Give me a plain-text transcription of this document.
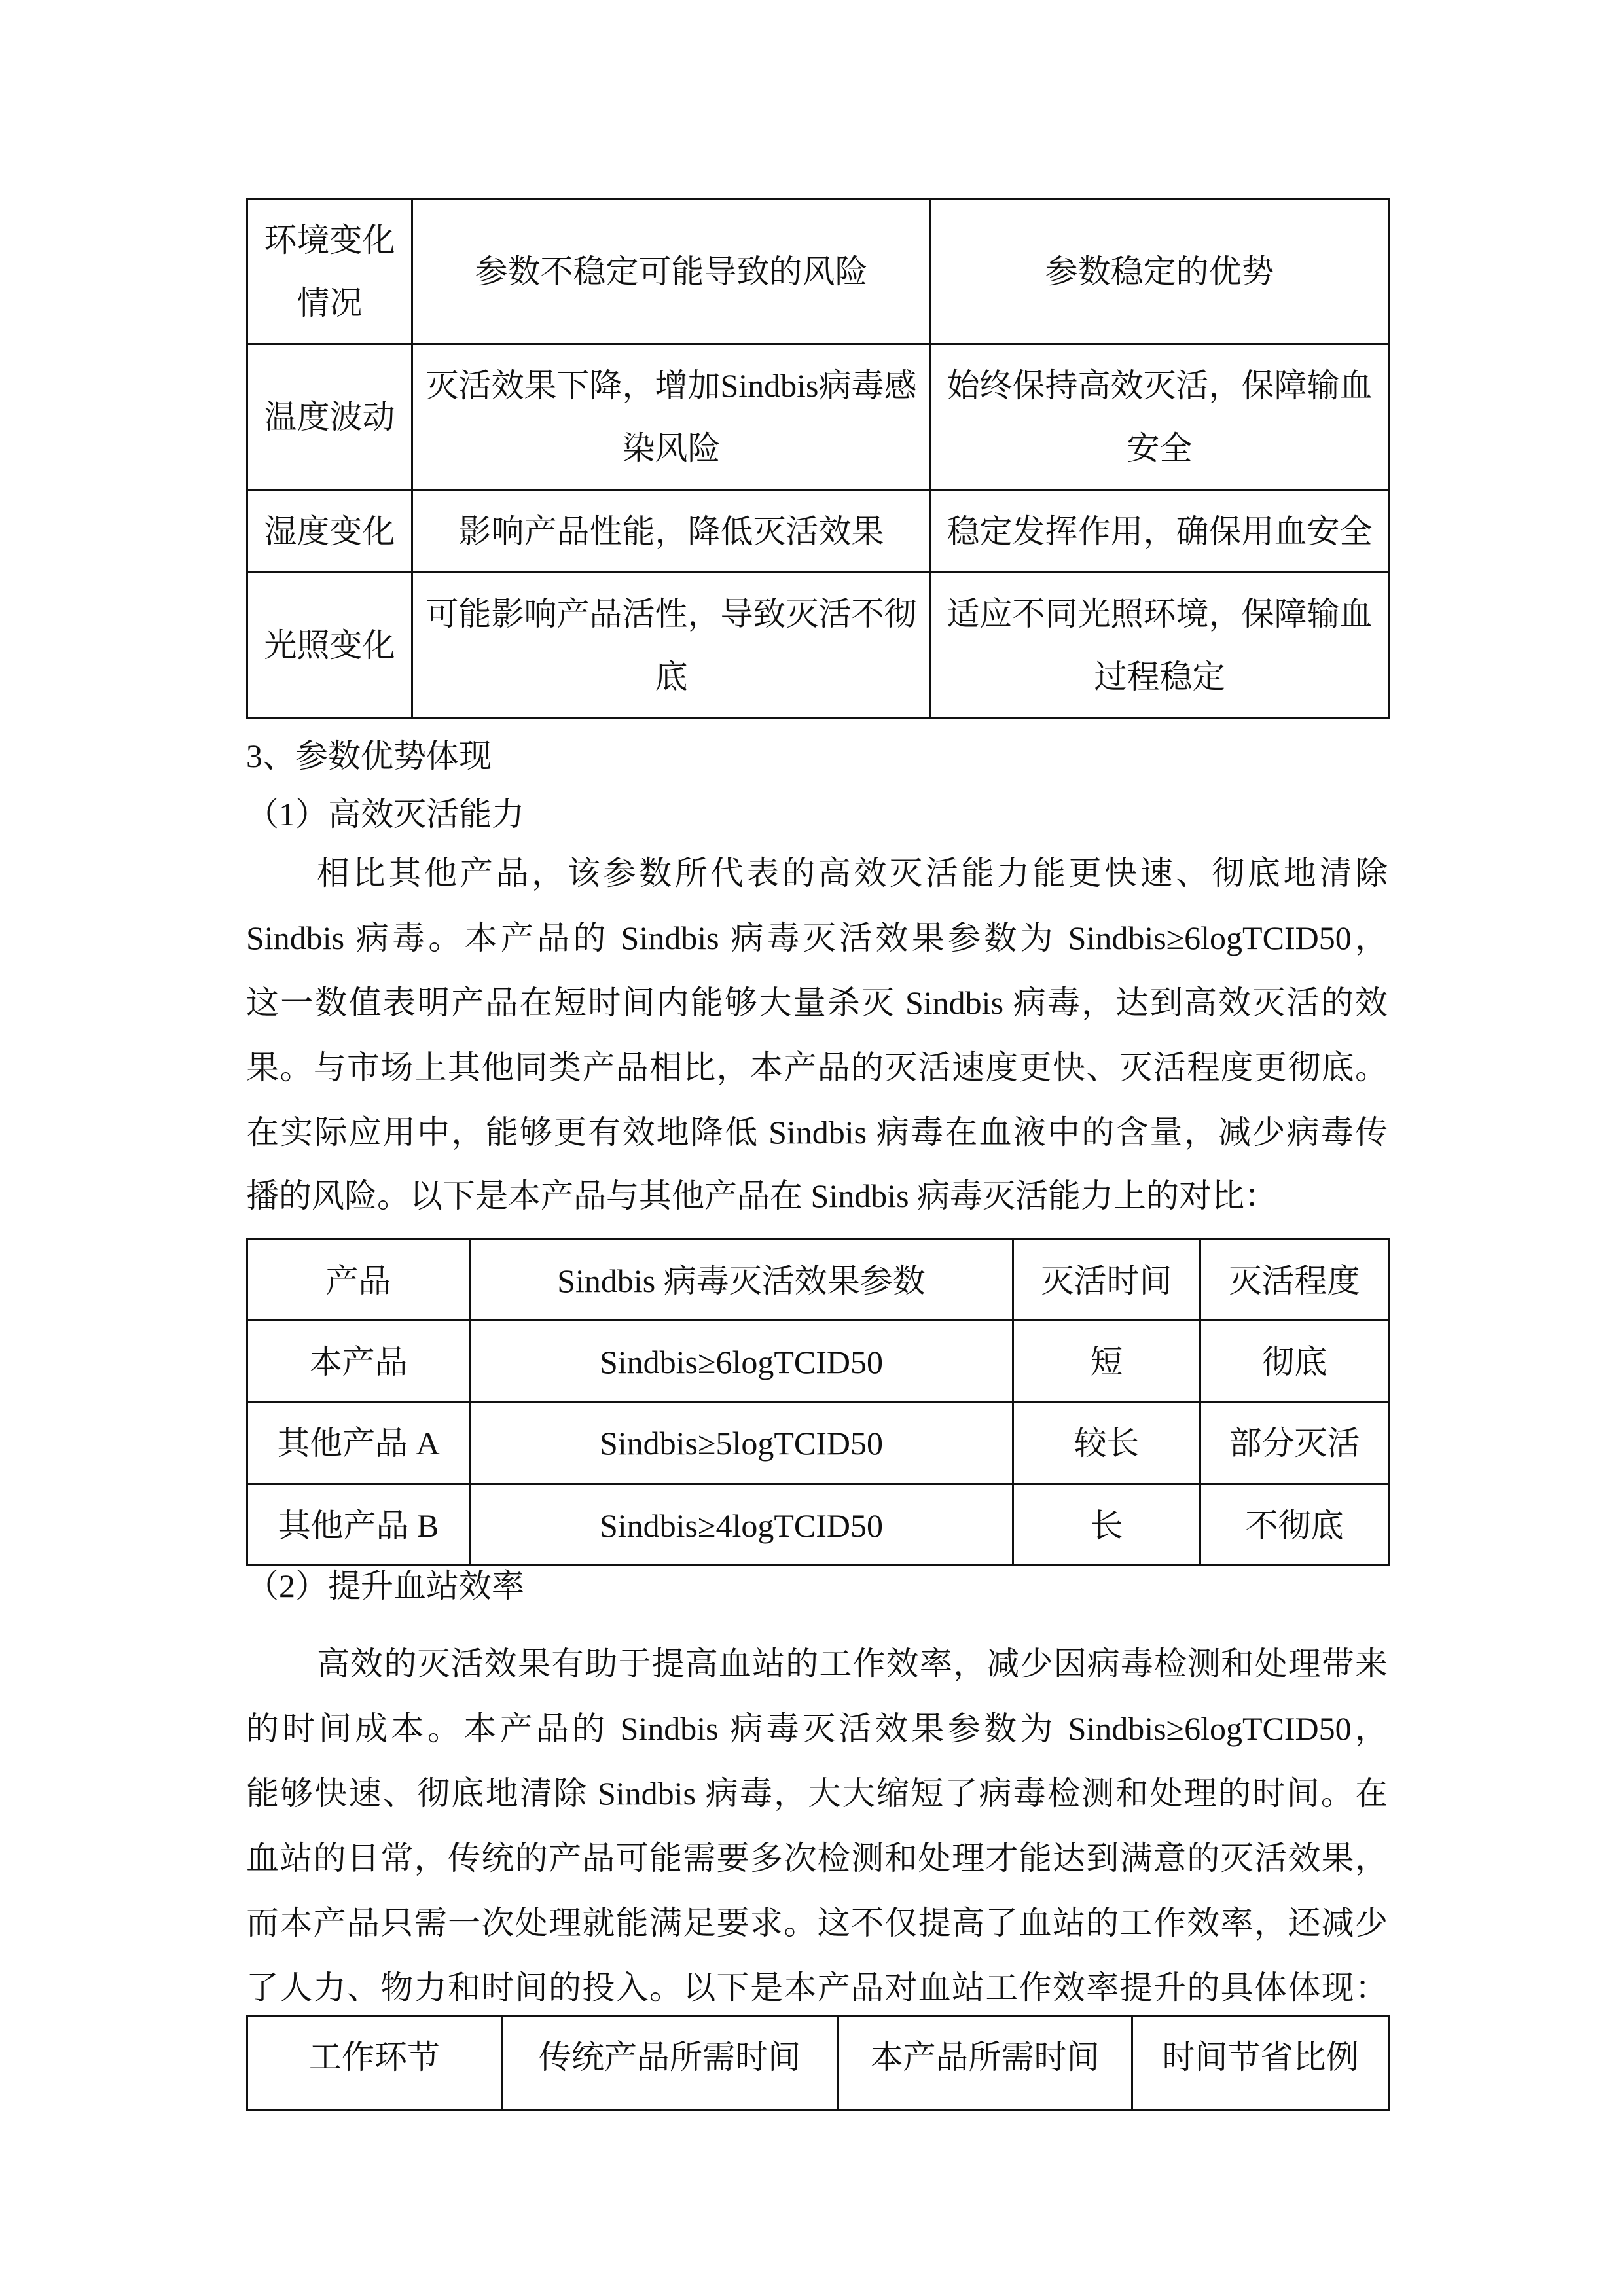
环境变化情况	参数不稳定可能导致的风险	参数稳定的优势
温度波动	灭活效果下降，增加Sindbis病毒感染风险	始终保持高效灭活，保障输血安全
湿度变化	影响产品性能，降低灭活效果	稳定发挥作用，确保用血安全
光照变化	可能影响产品活性，导致灭活不彻底	适应不同光照环境，保障输血过程稳定
3、参数优势体现
（1）高效灭活能力
相比其他产品，该参数所代表的高效灭活能力能更快速、彻底地清除
Sindbis 病毒。本产品的 Sindbis 病毒灭活效果参数为 Sindbis≥6logTCID50，
这一数值表明产品在短时间内能够大量杀灭 Sindbis 病毒，达到高效灭活的效
果。与市场上其他同类产品相比，本产品的灭活速度更快、灭活程度更彻底。
在实际应用中，能够更有效地降低 Sindbis 病毒在血液中的含量，减少病毒传
播的风险。以下是本产品与其他产品在 Sindbis 病毒灭活能力上的对比：
产品	Sindbis 病毒灭活效果参数	灭活时间	灭活程度
本产品	Sindbis≥6logTCID50	短	彻底
其他产品 A	Sindbis≥5logTCID50	较长	部分灭活
其他产品 B	Sindbis≥4logTCID50	长	不彻底
（2）提升血站效率
高效的灭活效果有助于提高血站的工作效率，减少因病毒检测和处理带来
的时间成本。本产品的 Sindbis 病毒灭活效果参数为 Sindbis≥6logTCID50，
能够快速、彻底地清除 Sindbis 病毒，大大缩短了病毒检测和处理的时间。在
血站的日常，传统的产品可能需要多次检测和处理才能达到满意的灭活效果，
而本产品只需一次处理就能满足要求。这不仅提高了血站的工作效率，还减少
了人力、物力和时间的投入。以下是本产品对血站工作效率提升的具体体现：
工作环节	传统产品所需时间	本产品所需时间	时间节省比例
